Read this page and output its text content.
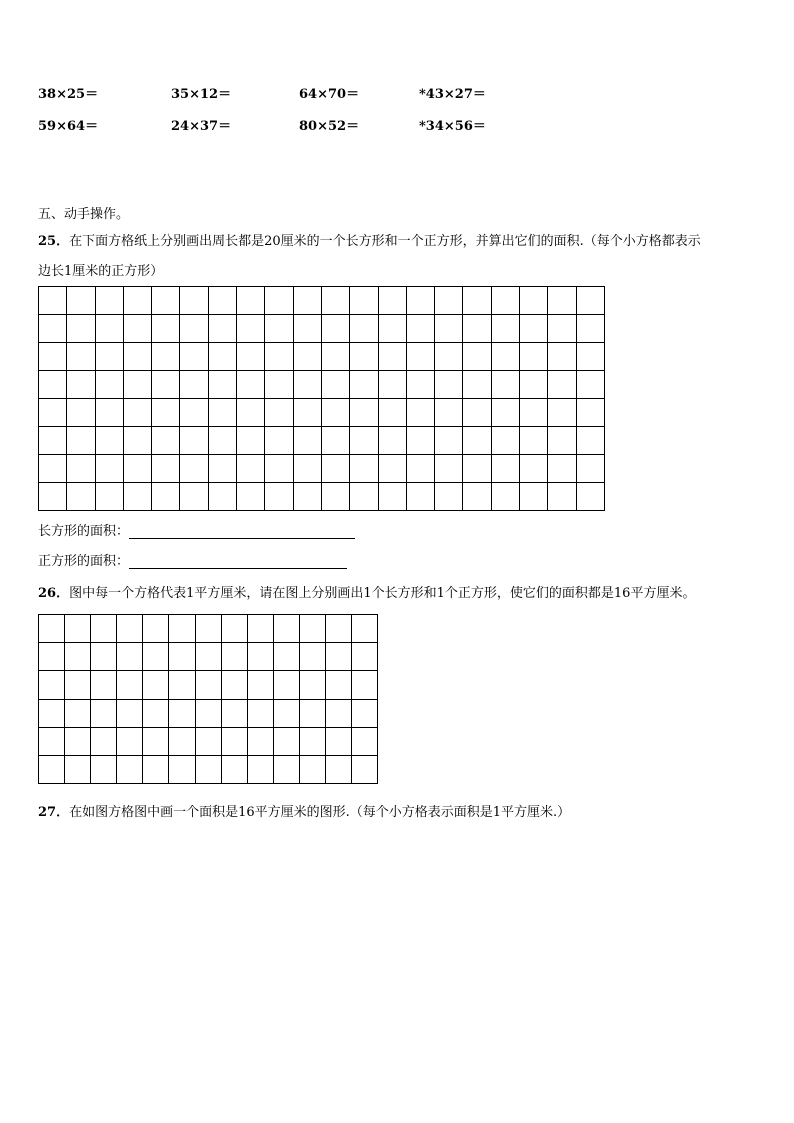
38×25＝	35×12＝	64×70＝	*43×27＝
59×64＝	24×37＝	80×52＝	*34×56＝
五、动手操作。
25．在下面方格纸上分别画出周长都是20厘米的一个长方形和一个正方形，并算出它们的面积.（每个小方格都表示
边长1厘米的正方形）

长方形的面积：
正方形的面积：
26．图中每一个方格代表1平方厘米，请在图上分别画出1个长方形和1个正方形，使它们的面积都是16平方厘米。

27．在如图方格图中画一个面积是16平方厘米的图形.（每个小方格表示面积是1平方厘米.）
